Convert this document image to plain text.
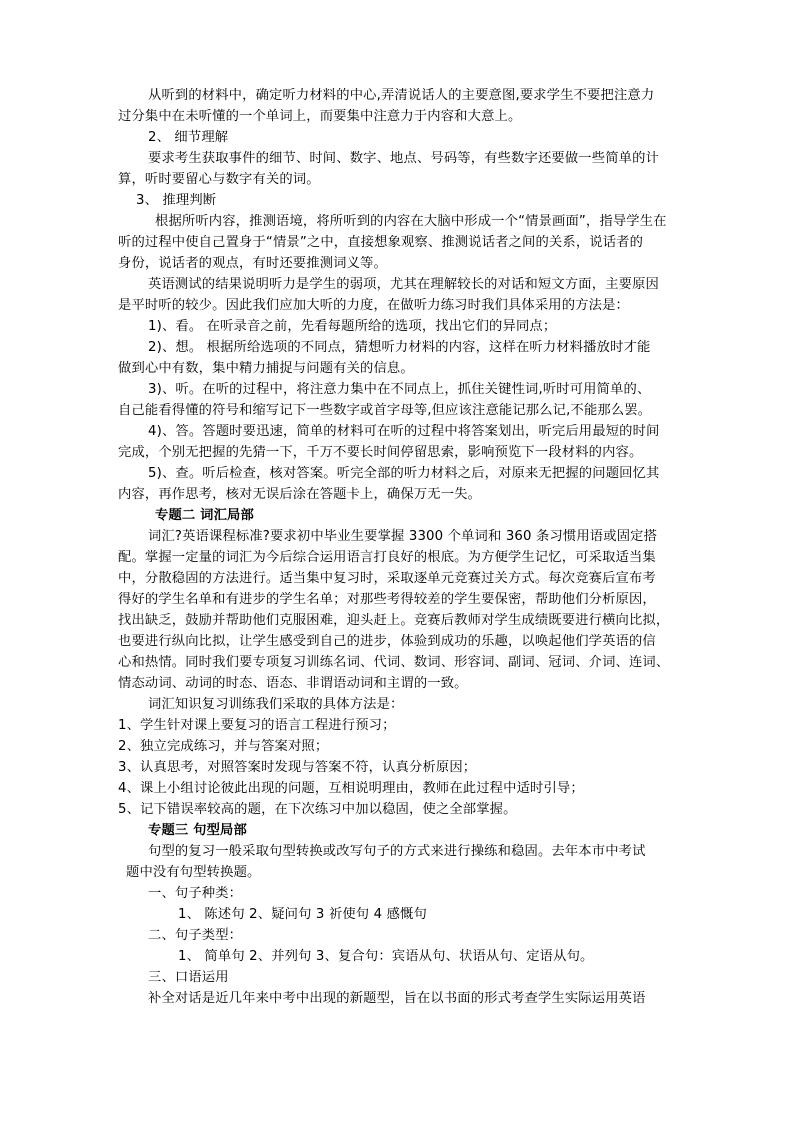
从听到的材料中，确定听力材料的中心,弄清说话人的主要意图,要求学生不要把注意力
过分集中在未听懂的一个单词上，而要集中注意力于内容和大意上。
2、 细节理解
要求考生获取事件的细节、时间、数字、地点、号码等，有些数字还要做一些简单的计
算，听时要留心与数字有关的词。
3、 推理判断
根据所听内容，推测语境，将所听到的内容在大脑中形成一个“情景画面”，指导学生在
听的过程中使自己置身于“情景”之中，直接想象观察、推测说话者之间的关系，说话者的
身份，说话者的观点，有时还要推测词义等。
英语测试的结果说明听力是学生的弱项，尤其在理解较长的对话和短文方面，主要原因
是平时听的较少。因此我们应加大听的力度，在做听力练习时我们具体采用的方法是：
1)、看。 在听录音之前，先看每题所给的选项，找出它们的异同点；
2)、想。 根据所给选项的不同点，猜想听力材料的内容，这样在听力材料播放时才能
做到心中有数，集中精力捕捉与问题有关的信息。
3)、听。在听的过程中，将注意力集中在不同点上，抓住关键性词,听时可用简单的、
自己能看得懂的符号和缩写记下一些数字或首字母等,但应该注意能记那么记,不能那么罢。
4)、答。答题时要迅速，简单的材料可在听的过程中将答案划出，听完后用最短的时间
完成，个别无把握的先猜一下，千万不要长时间停留思索，影响预览下一段材料的内容。
5)、查。听后检查，核对答案。听完全部的听力材料之后，对原来无把握的问题回忆其
内容，再作思考，核对无误后涂在答题卡上，确保万无一失。
专题二 词汇局部
词汇?英语课程标准?要求初中毕业生要掌握 3300 个单词和 360 条习惯用语或固定搭
配。掌握一定量的词汇为今后综合运用语言打良好的根底。为方便学生记忆，可采取适当集
中，分散稳固的方法进行。适当集中复习时，采取逐单元竞赛过关方式。每次竞赛后宣布考
得好的学生名单和有进步的学生名单；对那些考得较差的学生要保密，帮助他们分析原因，
找出缺乏，鼓励并帮助他们克服困难，迎头赶上。竞赛后教师对学生成绩既要进行横向比拟，
也要进行纵向比拟，让学生感受到自己的进步，体验到成功的乐趣，以唤起他们学英语的信
心和热情。同时我们要专项复习训练名词、代词、数词、形容词、副词、冠词、介词、连词、
情态动词、动词的时态、语态、非谓语动词和主谓的一致。
词汇知识复习训练我们采取的具体方法是：
1、学生针对课上要复习的语言工程进行预习；
2、独立完成练习，并与答案对照；
3、认真思考，对照答案时发现与答案不符，认真分析原因；
4、课上小组讨论彼此出现的问题，互相说明理由，教师在此过程中适时引导；
5、记下错误率较高的题，在下次练习中加以稳固，使之全部掌握。
专题三 句型局部
句型的复习一般采取句型转换或改写句子的方式来进行操练和稳固。去年本市中考试
题中没有句型转换题。
一、句子种类：
1、 陈述句 2、疑问句 3 祈使句 4 感慨句
二、句子类型：
1、 简单句 2、并列句 3、复合句：宾语从句、状语从句、定语从句。
三、口语运用
补全对话是近几年来中考中出现的新题型，旨在以书面的形式考查学生实际运用英语
